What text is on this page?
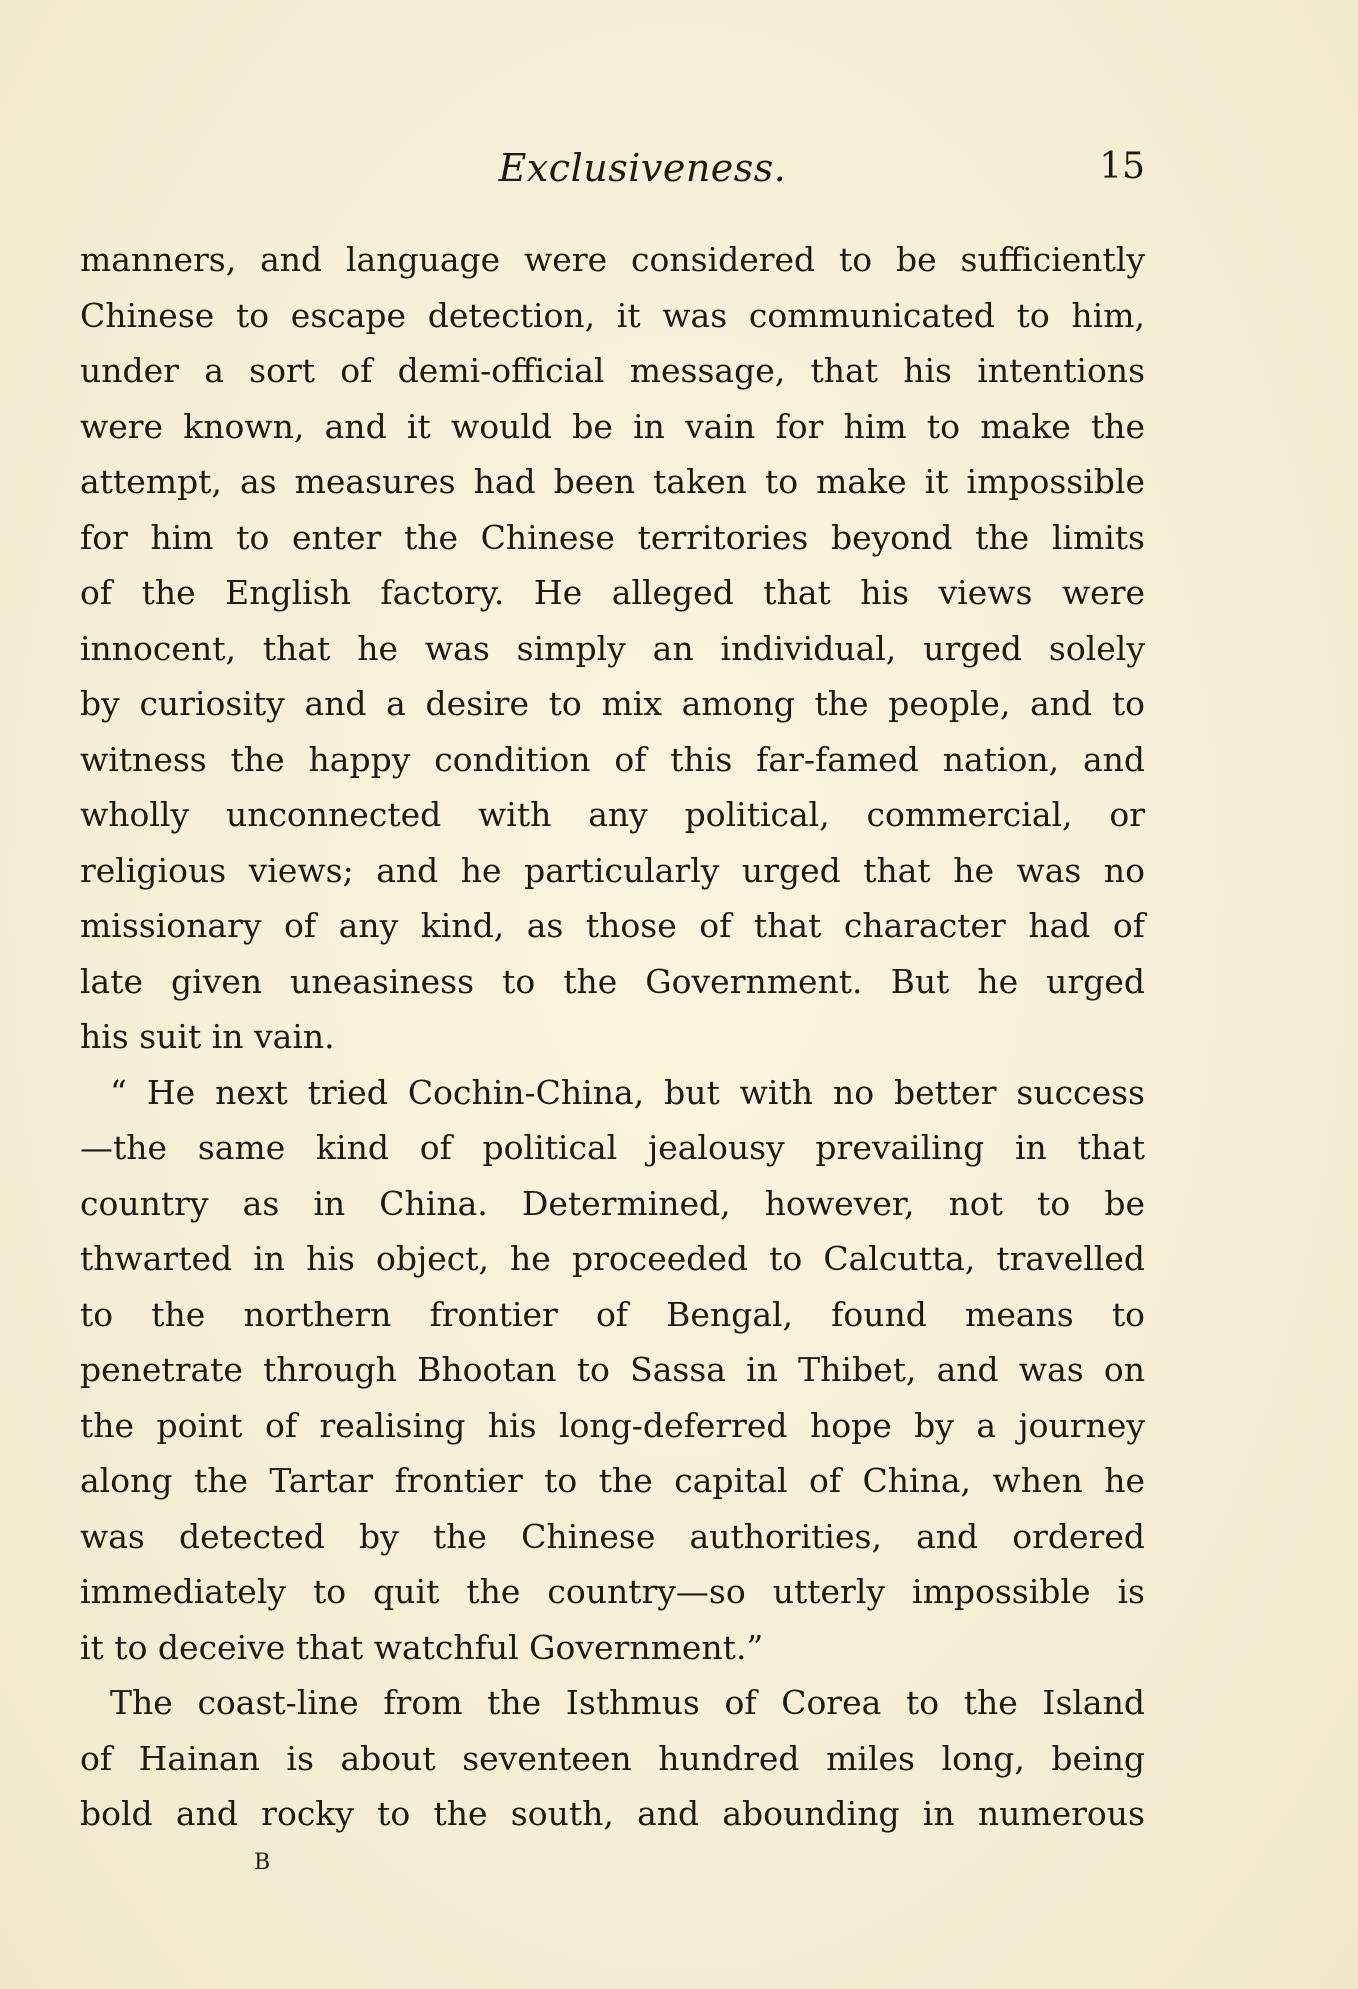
Exclusiveness.	15
manners, and language were considered to be sufficiently
Chinese to escape detection, it was communicated to him,
under a sort of demi-official message, that his intentions
were known, and it would be in vain for him to make the
attempt, as measures had been taken to make it impossible
for him to enter the Chinese territories beyond the limits
of the English factory. He alleged that his views were
innocent, that he was simply an individual, urged solely
by curiosity and a desire to mix among the people, and to
witness the happy condition of this far-famed nation, and
wholly unconnected with any political, commercial, or
religious views; and he particularly urged that he was no
missionary of any kind, as those of that character had of
late given uneasiness to the Government. But he urged
his suit in vain.
“ He next tried Cochin-China, but with no better success
—the same kind of political jealousy prevailing in that
country as in China. Determined, however, not to be
thwarted in his object, he proceeded to Calcutta, travelled
to the northern frontier of Bengal, found means to
penetrate through Bhootan to Sassa in Thibet, and was on
the point of realising his long-deferred hope by a journey
along the Tartar frontier to the capital of China, when he
was detected by the Chinese authorities, and ordered
immediately to quit the country—so utterly impossible is
it to deceive that watchful Government.”
The coast-line from the Isthmus of Corea to the Island
of Hainan is about seventeen hundred miles long, being
bold and rocky to the south, and abounding in numerous
B
